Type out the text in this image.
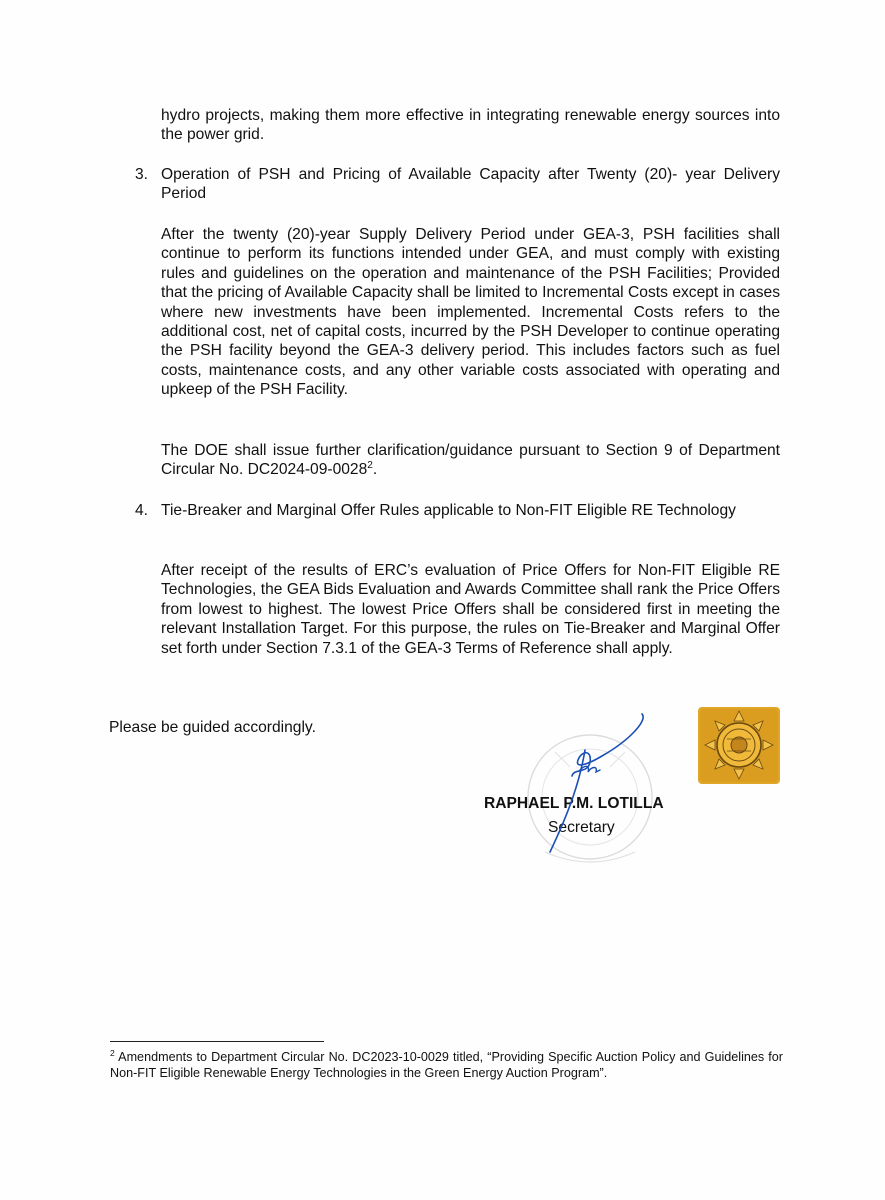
hydro projects, making them more effective in integrating renewable energy sources into the power grid.

3. Operation of PSH and Pricing of Available Capacity after Twenty (20)- year Delivery Period

After the twenty (20)-year Supply Delivery Period under GEA-3, PSH facilities shall continue to perform its functions intended under GEA, and must comply with existing rules and guidelines on the operation and maintenance of the PSH Facilities; Provided that the pricing of Available Capacity shall be limited to Incremental Costs except in cases where new investments have been implemented. Incremental Costs refers to the additional cost, net of capital costs, incurred by the PSH Developer to continue operating the PSH facility beyond the GEA-3 delivery period. This includes factors such as fuel costs, maintenance costs, and any other variable costs associated with operating and upkeep of the PSH Facility.

The DOE shall issue further clarification/guidance pursuant to Section 9 of Department Circular No. DC2024-09-0028$^2$.

4. Tie-Breaker and Marginal Offer Rules applicable to Non-FIT Eligible RE Technology

After receipt of the results of ERC’s evaluation of Price Offers for Non-FIT Eligible RE Technologies, the GEA Bids Evaluation and Awards Committee shall rank the Price Offers from lowest to highest. The lowest Price Offers shall be considered first in meeting the relevant Installation Target. For this purpose, the rules on Tie-Breaker and Marginal Offer set forth under Section 7.3.1 of the GEA-3 Terms of Reference shall apply.

Please be guided accordingly.
RAPHAEL P.M. LOTILLA
Secretary

$^2$ Amendments to Department Circular No. DC2023-10-0029 titled, “Providing Specific Auction Policy and Guidelines for Non-FIT Eligible Renewable Energy Technologies in the Green Energy Auction Program”.
